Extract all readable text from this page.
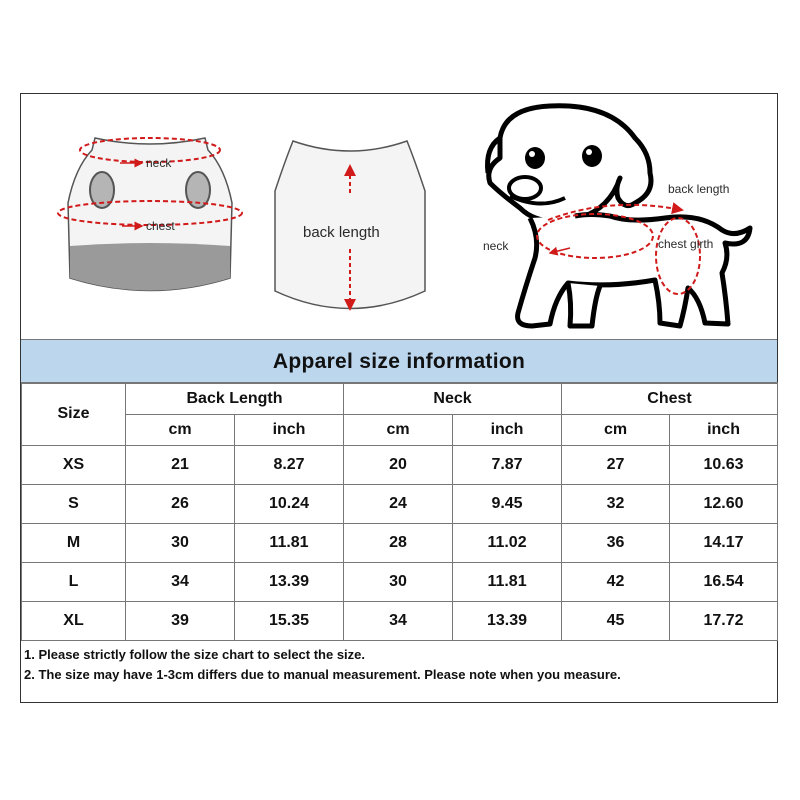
neck
chest	back length
back length
neck	chest girth
Apparel size information
Size	Back Length		Neck		Chest	
	cm	inch	cm	inch	cm	inch
XS	21	8.27	20	7.87	27	10.63
S	26	10.24	24	9.45	32	12.60
M	30	11.81	28	11.02	36	14.17
L	34	13.39	30	11.81	42	16.54
XL	39	15.35	34	13.39	45	17.72
1. Please strictly follow the size chart to select the size.
2. The size may have 1-3cm differs due to manual measurement. Please note when you measure.
